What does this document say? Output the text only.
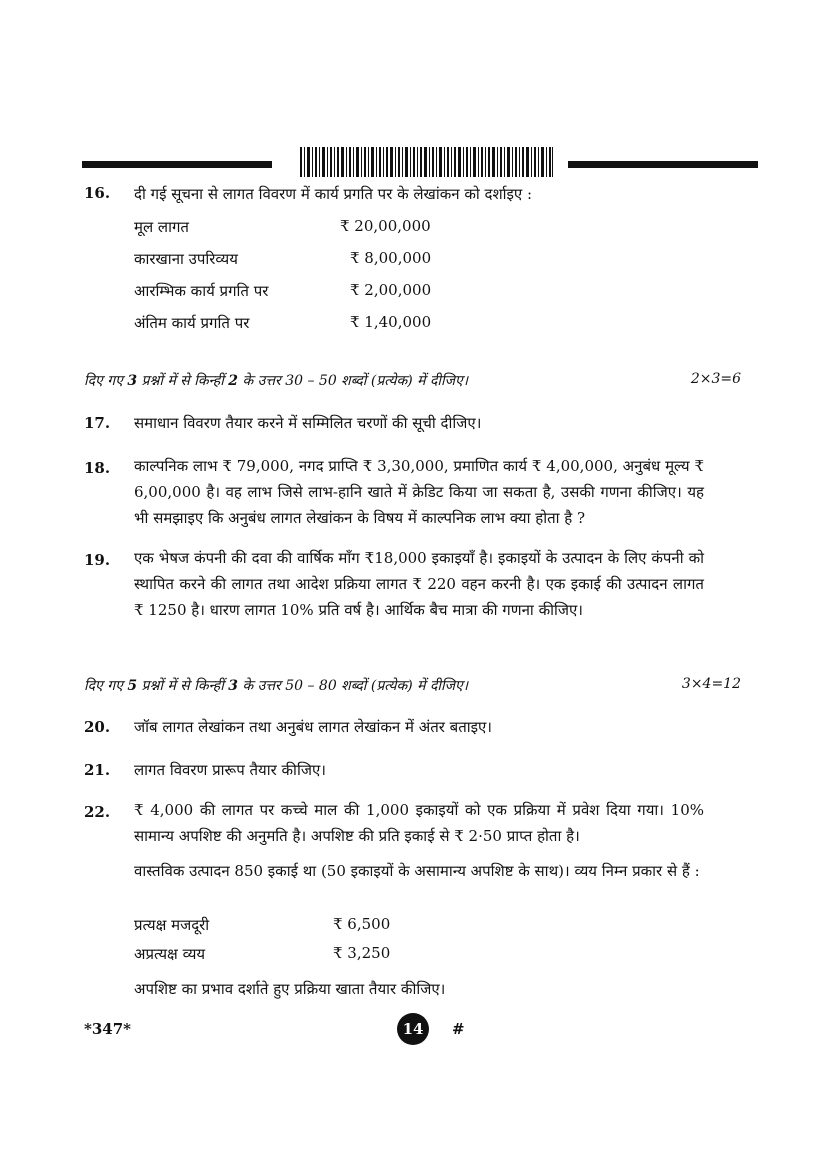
16. दी गई सूचना से लागत विवरण में कार्य प्रगति पर के लेखांकन को दर्शाइए :
मूल लागत	₹ 20,00,000
कारखाना उपरिव्यय	₹ 8,00,000
आरम्भिक कार्य प्रगति पर	₹ 2,00,000
अंतिम कार्य प्रगति पर	₹ 1,40,000
दिए गए 3 प्रश्नों में से किन्हीं 2 के उत्तर 30 – 50 शब्दों (प्रत्येक) में दीजिए।	2×3=6
17. समाधान विवरण तैयार करने में सम्मिलित चरणों की सूची दीजिए।
18. काल्पनिक लाभ ₹ 79,000, नगद प्राप्ति ₹ 3,30,000, प्रमाणित कार्य ₹ 4,00,000, अनुबंध मूल्य ₹ 6,00,000 है। वह लाभ जिसे लाभ-हानि खाते में क्रेडिट किया जा सकता है, उसकी गणना कीजिए। यह भी समझाइए कि अनुबंध लागत लेखांकन के विषय में काल्पनिक लाभ क्या होता है ?
19. एक भेषज कंपनी की दवा की वार्षिक माँग ₹18,000 इकाइयाँ है। इकाइयों के उत्पादन के लिए कंपनी को स्थापित करने की लागत तथा आदेश प्रक्रिया लागत ₹ 220 वहन करनी है। एक इकाई की उत्पादन लागत ₹ 1250 है। धारण लागत 10% प्रति वर्ष है। आर्थिक बैच मात्रा की गणना कीजिए।
दिए गए 5 प्रश्नों में से किन्हीं 3 के उत्तर 50 – 80 शब्दों (प्रत्येक) में दीजिए।	3×4=12
20. जॉब लागत लेखांकन तथा अनुबंध लागत लेखांकन में अंतर बताइए।
21. लागत विवरण प्रारूप तैयार कीजिए।
22. ₹ 4,000 की लागत पर कच्चे माल की 1,000 इकाइयों को एक प्रक्रिया में प्रवेश दिया गया। 10% सामान्य अपशिष्ट की अनुमति है। अपशिष्ट की प्रति इकाई से ₹ 2·50 प्राप्त होता है।
वास्तविक उत्पादन 850 इकाई था (50 इकाइयों के असामान्य अपशिष्ट के साथ)। व्यय निम्न प्रकार से हैं :
प्रत्यक्ष मजदूरी	₹ 6,500
अप्रत्यक्ष व्यय	₹ 3,250
अपशिष्ट का प्रभाव दर्शाते हुए प्रक्रिया खाता तैयार कीजिए।
*347*	14	#
